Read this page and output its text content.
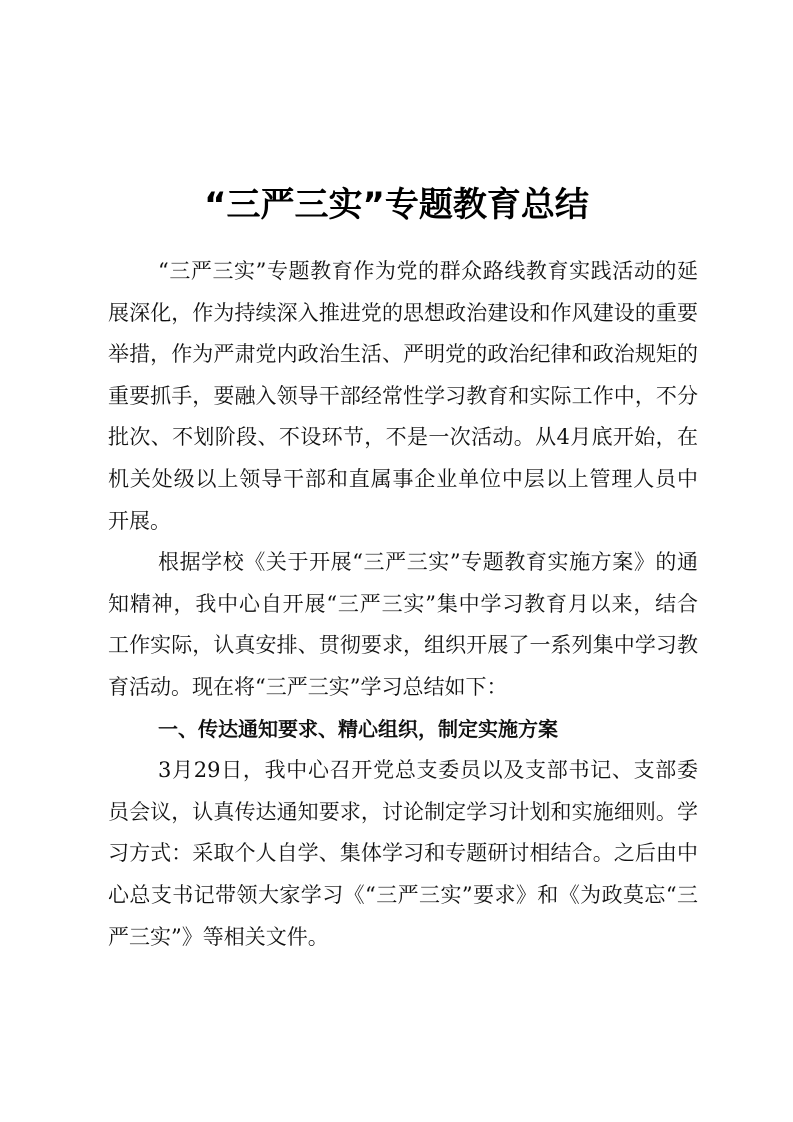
“三严三实”专题教育总结
“三严三实”专题教育作为党的群众路线教育实践活动的延
展深化，作为持续深入推进党的思想政治建设和作风建设的重要
举措，作为严肃党内政治生活、严明党的政治纪律和政治规矩的
重要抓手，要融入领导干部经常性学习教育和实际工作中，不分
批次、不划阶段、不设环节，不是一次活动。从4月底开始，在
机关处级以上领导干部和直属事企业单位中层以上管理人员中
开展。
根据学校《关于开展“三严三实”专题教育实施方案》的通
知精神，我中心自开展“三严三实”集中学习教育月以来，结合
工作实际，认真安排、贯彻要求，组织开展了一系列集中学习教
育活动。现在将“三严三实”学习总结如下：
一、传达通知要求、精心组织，制定实施方案
3月29日，我中心召开党总支委员以及支部书记、支部委
员会议，认真传达通知要求，讨论制定学习计划和实施细则。学
习方式：采取个人自学、集体学习和专题研讨相结合。之后由中
心总支书记带领大家学习《“三严三实”要求》和《为政莫忘“三
严三实”》等相关文件。
